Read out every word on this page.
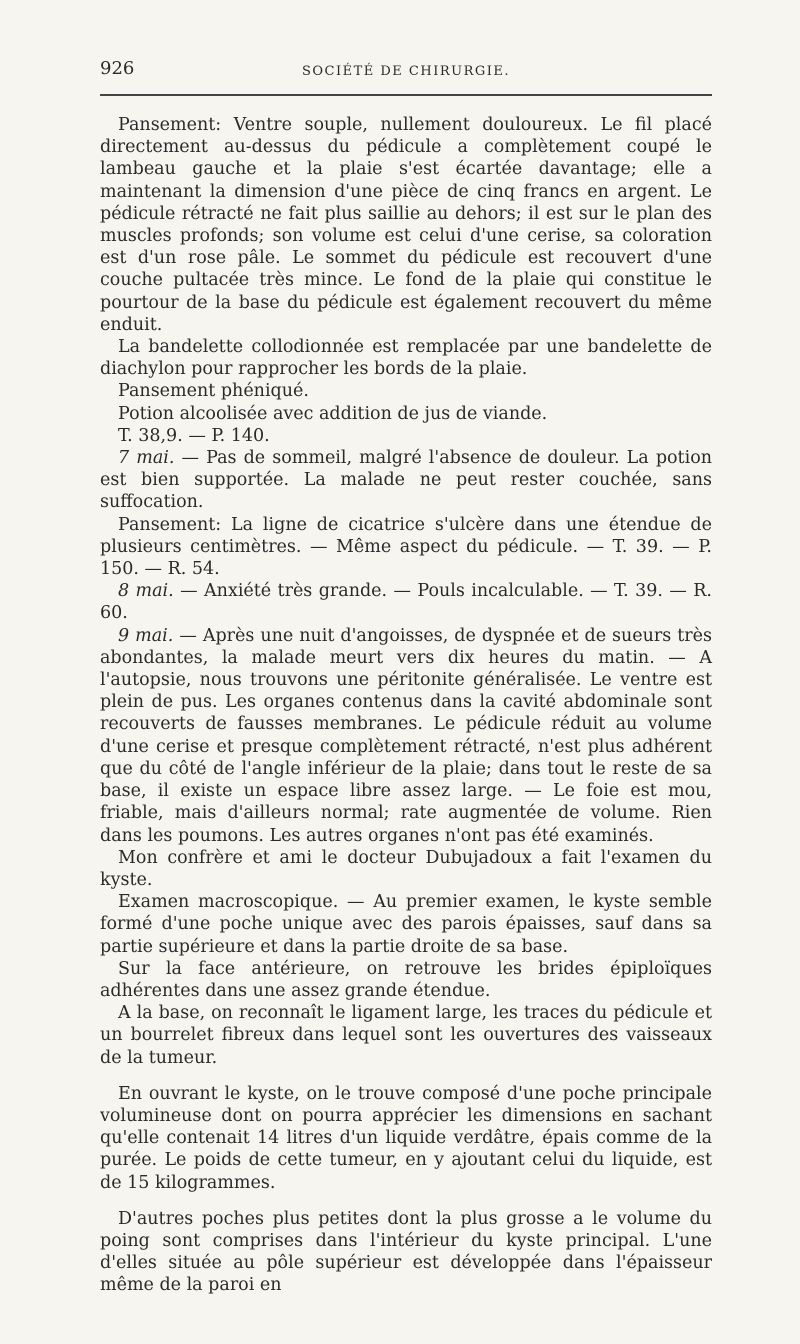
926	SOCIÉTÉ DE CHIRURGIE.

Pansement: Ventre souple, nullement douloureux. Le fil placé directement au-dessus du pédicule a complètement coupé le lambeau gauche et la plaie s'est écartée davantage; elle a maintenant la dimension d'une pièce de cinq francs en argent. Le pédicule rétracté ne fait plus saillie au dehors; il est sur le plan des muscles profonds; son volume est celui d'une cerise, sa coloration est d'un rose pâle. Le sommet du pédicule est recouvert d'une couche pultacée très mince. Le fond de la plaie qui constitue le pourtour de la base du pédicule est également recouvert du même enduit.

La bandelette collodionnée est remplacée par une bandelette de diachylon pour rapprocher les bords de la plaie.

Pansement phéniqué.

Potion alcoolisée avec addition de jus de viande.

T. 38,9. — P. 140.

7 mai. — Pas de sommeil, malgré l'absence de douleur. La potion est bien supportée. La malade ne peut rester couchée, sans suffocation.

Pansement: La ligne de cicatrice s'ulcère dans une étendue de plusieurs centimètres. — Même aspect du pédicule. — T. 39. — P. 150. — R. 54.

8 mai. — Anxiété très grande. — Pouls incalculable. — T. 39. — R. 60.

9 mai. — Après une nuit d'angoisses, de dyspnée et de sueurs très abondantes, la malade meurt vers dix heures du matin. — A l'autopsie, nous trouvons une péritonite généralisée. Le ventre est plein de pus. Les organes contenus dans la cavité abdominale sont recouverts de fausses membranes. Le pédicule réduit au volume d'une cerise et presque complètement rétracté, n'est plus adhérent que du côté de l'angle inférieur de la plaie; dans tout le reste de sa base, il existe un espace libre assez large. — Le foie est mou, friable, mais d'ailleurs normal; rate augmentée de volume. Rien dans les poumons. Les autres organes n'ont pas été examinés.

Mon confrère et ami le docteur Dubujadoux a fait l'examen du kyste.

Examen macroscopique. — Au premier examen, le kyste semble formé d'une poche unique avec des parois épaisses, sauf dans sa partie supérieure et dans la partie droite de sa base.

Sur la face antérieure, on retrouve les brides épiploïques adhérentes dans une assez grande étendue.

A la base, on reconnaît le ligament large, les traces du pédicule et un bourrelet fibreux dans lequel sont les ouvertures des vaisseaux de la tumeur.

En ouvrant le kyste, on le trouve composé d'une poche principale volumineuse dont on pourra apprécier les dimensions en sachant qu'elle contenait 14 litres d'un liquide verdâtre, épais comme de la purée. Le poids de cette tumeur, en y ajoutant celui du liquide, est de 15 kilogrammes.

D'autres poches plus petites dont la plus grosse a le volume du poing sont comprises dans l'intérieur du kyste principal. L'une d'elles située au pôle supérieur est développée dans l'épaisseur même de la paroi en
